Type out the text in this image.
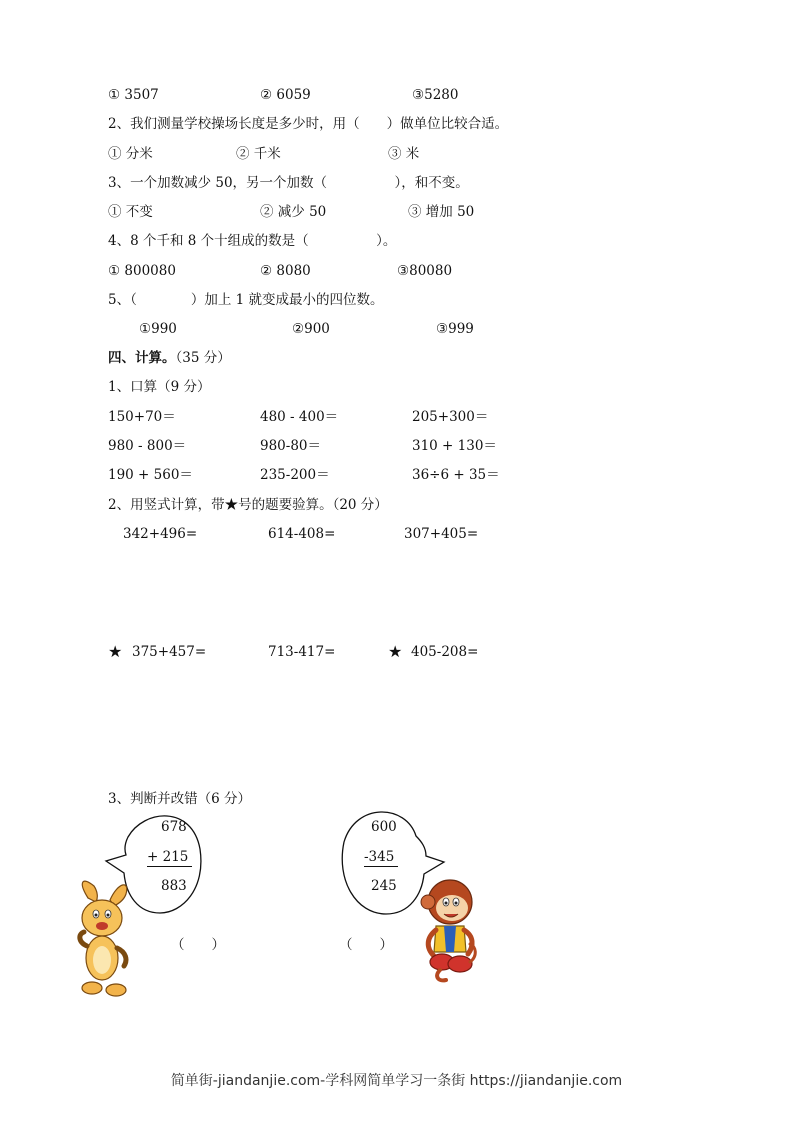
① 3507	② 6059	③5280
2、我们测量学校操场长度是多少时，用（　　）做单位比较合适。
① 分米	② 千米	③ 米
3、一个加数减少 50，另一个加数（　　　　　），和不变。
① 不变	② 减少 50	③ 增加 50
4、8 个千和 8 个十组成的数是（　　　　　）。
① 800080	② 8080	③80080
5、（　　　　）加上 1 就变成最小的四位数。
①990	②900	③999
四、计算。（35 分）
1、口算（9 分）
150+70＝	480 - 400＝	205+300＝
980 - 800＝	980-80＝	310 + 130＝
190 + 560＝	235-200＝	36÷6 + 35＝
2、用竖式计算，带★号的题要验算。（20 分）
342+496=	614-408=	307+405=
★ 375+457=	713-417=	★ 405-208=
3、判断并改错（6 分）
678
+ 215
883
（　　）
600
-345
245
（　　）
简单街-jiandanjie.com-学科网简单学习一条街 https://jiandanjie.com
